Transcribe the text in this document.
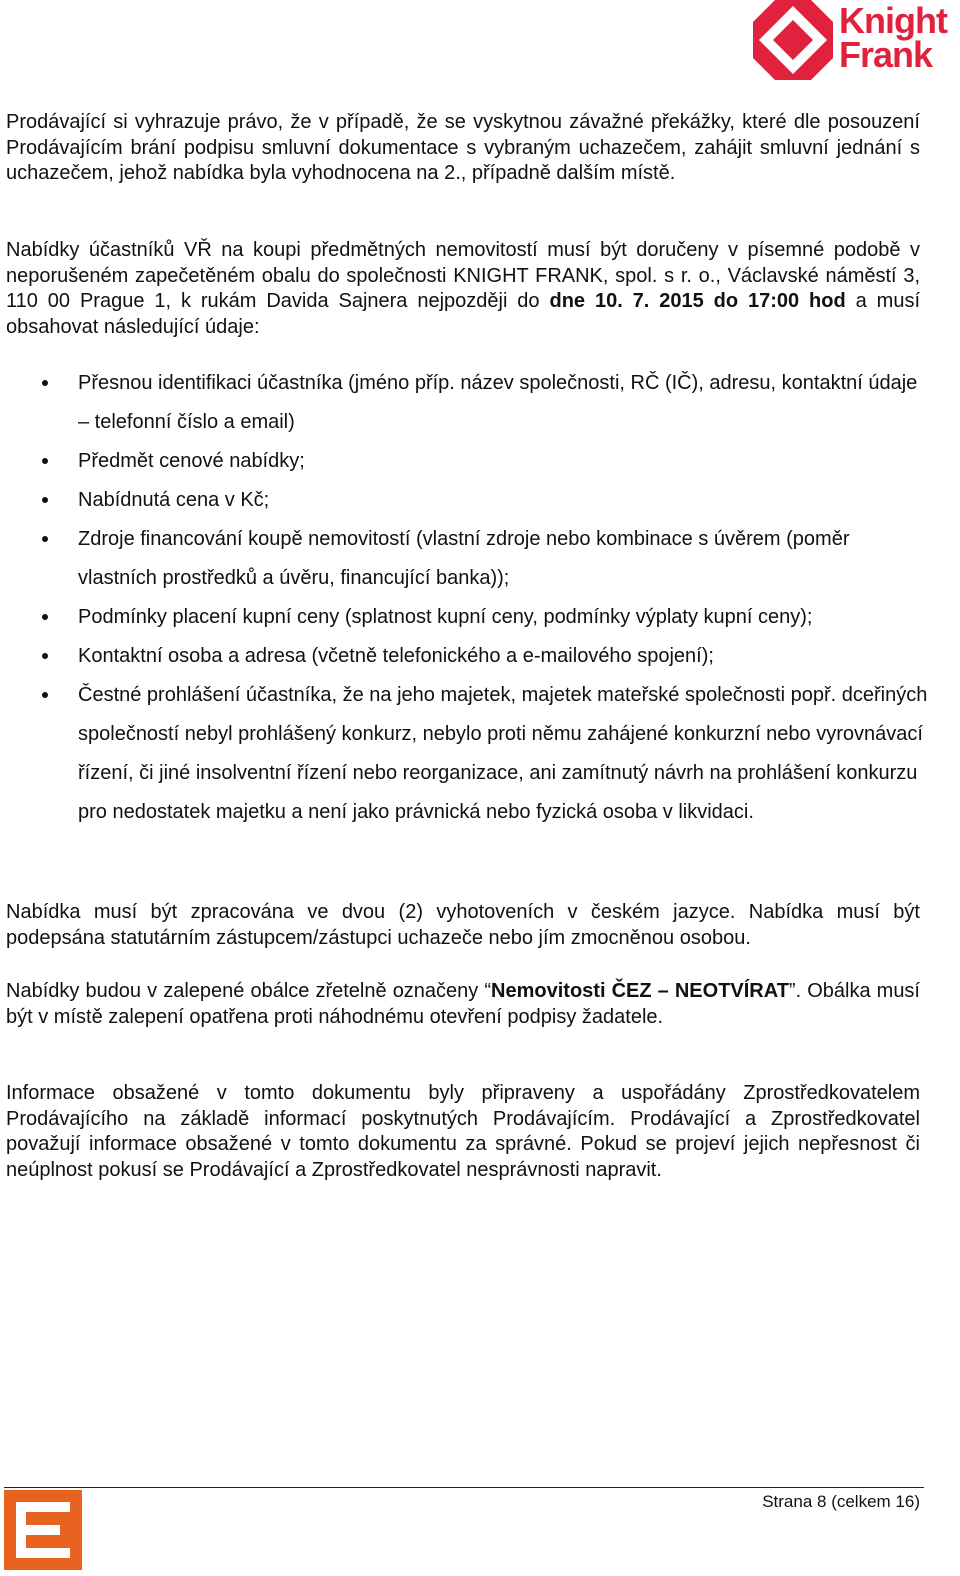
Knight
Frank

Prodávající si vyhrazuje právo, že v případě, že se vyskytnou závažné překážky, které dle posouzení Prodávajícím brání podpisu smluvní dokumentace s vybraným uchazečem, zahájit smluvní jednání s uchazečem, jehož nabídka byla vyhodnocena na 2., případně dalším místě.

Nabídky účastníků VŘ na koupi předmětných nemovitostí musí být doručeny v písemné podobě v neporušeném zapečetěném obalu do společnosti KNIGHT FRANK, spol. s r. o., Václavské náměstí 3, 110 00 Prague 1, k rukám Davida Sajnera nejpozději do dne 10. 7. 2015 do 17:00 hod a musí obsahovat následující údaje:

Přesnou identifikaci účastníka (jméno příp. název společnosti, RČ (IČ), adresu, kontaktní údaje – telefonní číslo a email)
Předmět cenové nabídky;
Nabídnutá cena v Kč;
Zdroje financování koupě nemovitostí (vlastní zdroje nebo kombinace s úvěrem (poměr vlastních prostředků a úvěru, financující banka));
Podmínky placení kupní ceny (splatnost kupní ceny, podmínky výplaty kupní ceny);
Kontaktní osoba a adresa (včetně telefonického a e-mailového spojení);
Čestné prohlášení účastníka, že na jeho majetek, majetek mateřské společnosti popř. dceřiných společností nebyl prohlášený konkurz, nebylo proti němu zahájené konkurzní nebo vyrovnávací řízení, či jiné insolventní řízení nebo reorganizace, ani zamítnutý návrh na prohlášení konkurzu pro nedostatek majetku a není jako právnická nebo fyzická osoba v likvidaci.

Nabídka musí být zpracována ve dvou (2) vyhotoveních v českém jazyce. Nabídka musí být podepsána statutárním zástupcem/zástupci uchazeče nebo jím zmocněnou osobou.

Nabídky budou v zalepené obálce zřetelně označeny “Nemovitosti ČEZ – NEOTVÍRAT”. Obálka musí být v místě zalepení opatřena proti náhodnému otevření podpisy žadatele.

Informace obsažené v tomto dokumentu byly připraveny a uspořádány Zprostředkovatelem Prodávajícího na základě informací poskytnutých Prodávajícím. Prodávající a Zprostředkovatel považují informace obsažené v tomto dokumentu za správné. Pokud se projeví jejich nepřesnost či neúplnost pokusí se Prodávající a Zprostředkovatel nesprávnosti napravit.

Strana 8 (celkem 16)
